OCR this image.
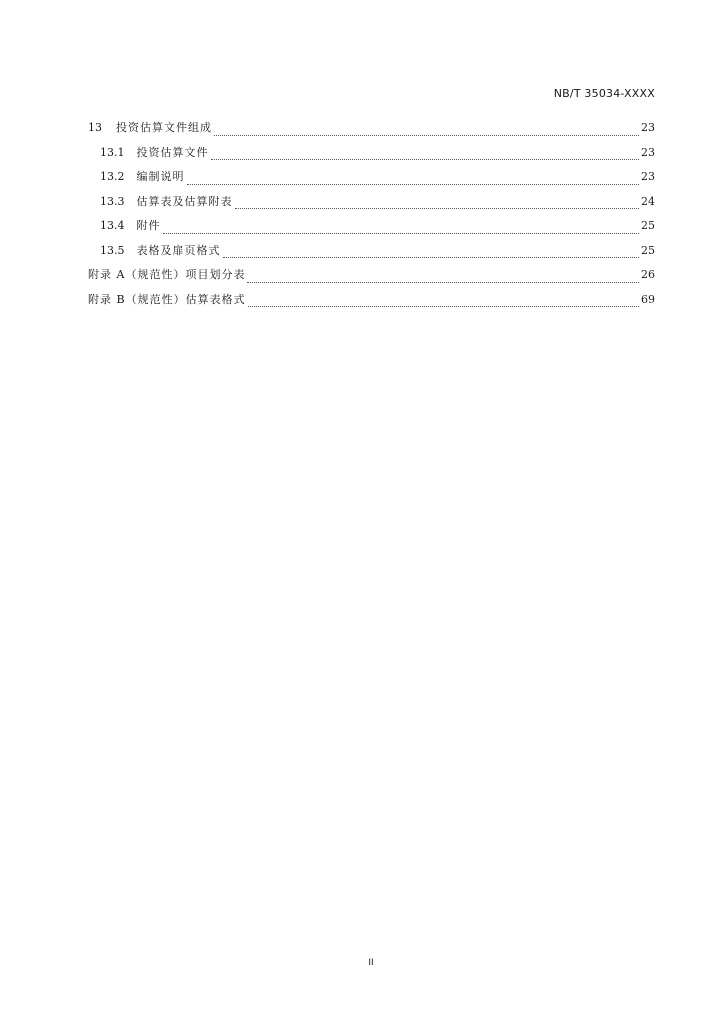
NB/T 35034-XXXX
13 投资估算文件组成	23
13.1 投资估算文件	23
13.2 编制说明	23
13.3 估算表及估算附表	24
13.4 附件	25
13.5 表格及扉页格式	25
附录 A（规范性）项目划分表	26
附录 B（规范性）估算表格式	69
II
